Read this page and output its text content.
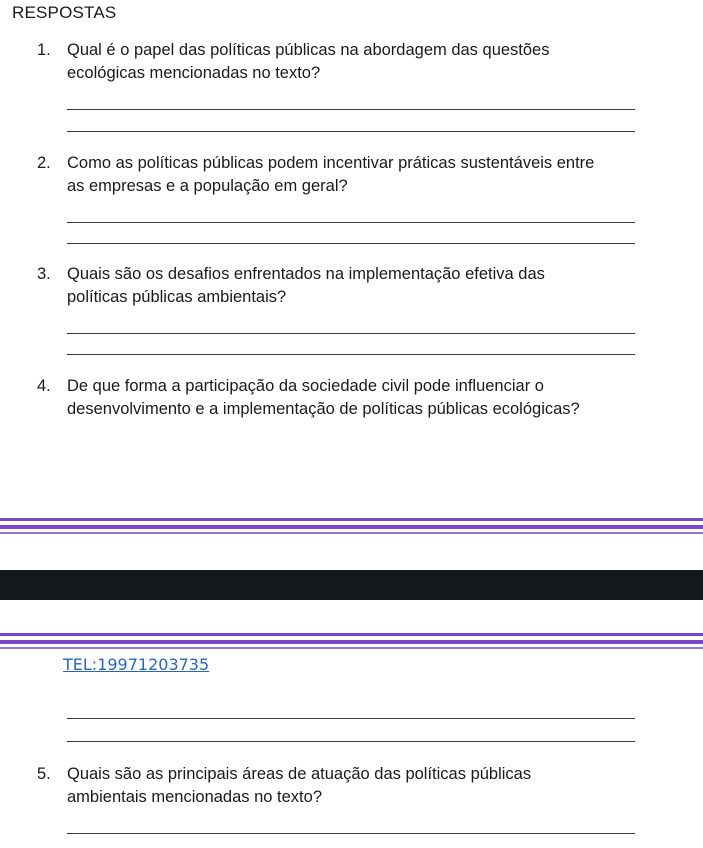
RESPOSTAS
1. Qual é o papel das políticas públicas na abordagem das questões
ecológicas mencionadas no texto?
2. Como as políticas públicas podem incentivar práticas sustentáveis entre
as empresas e a população em geral?
3. Quais são os desafios enfrentados na implementação efetiva das
políticas públicas ambientais?
4. De que forma a participação da sociedade civil pode influenciar o
desenvolvimento e a implementação de políticas públicas ecológicas?
TEL:19971203735
5. Quais são as principais áreas de atuação das políticas públicas
ambientais mencionadas no texto?
